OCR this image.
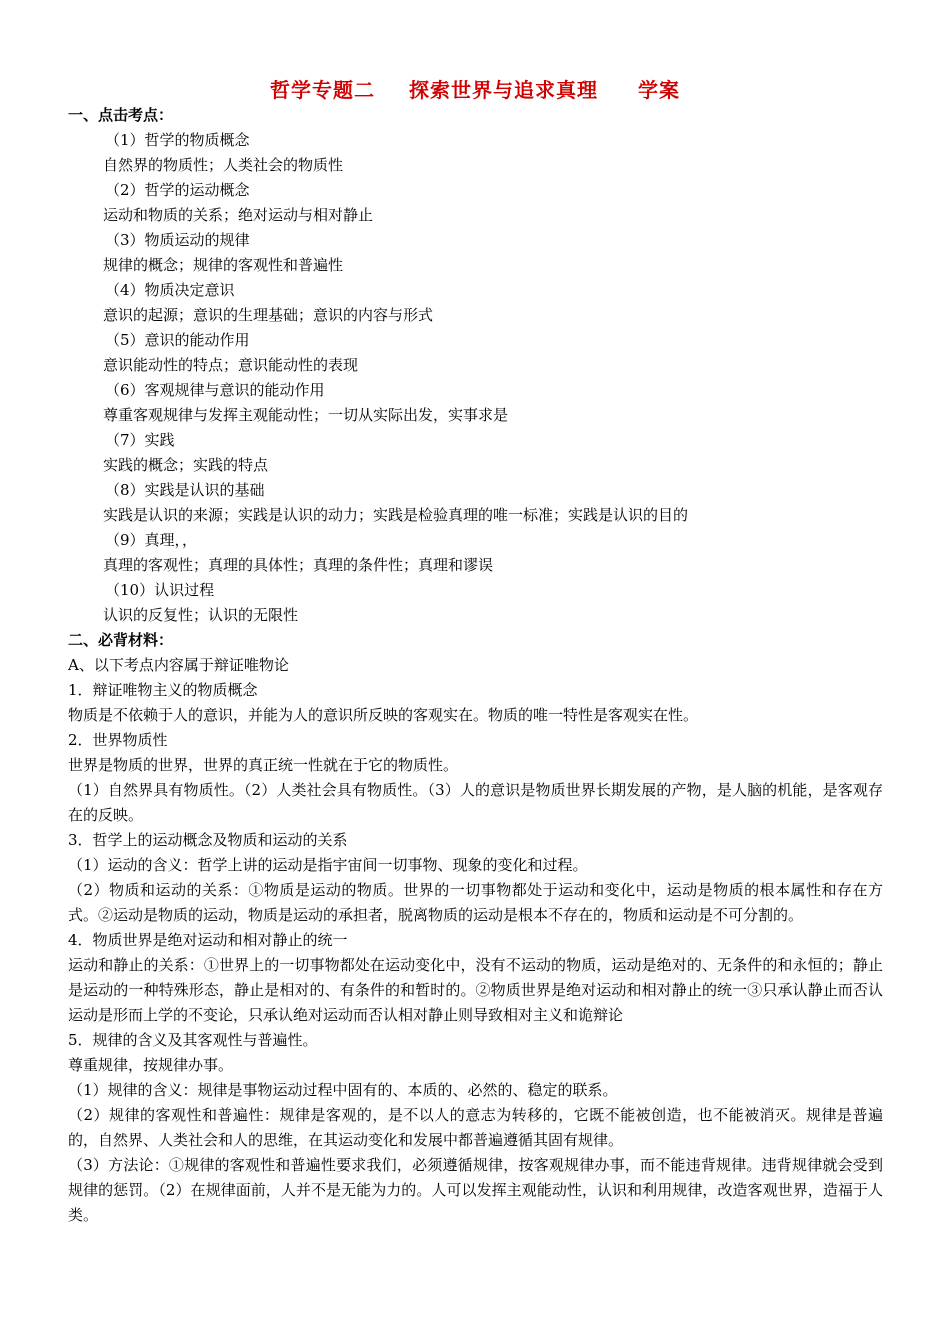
哲学专题二 探索世界与追求真理 学案
一、点击考点：
（1）哲学的物质概念
自然界的物质性；人类社会的物质性
（2）哲学的运动概念
运动和物质的关系；绝对运动与相对静止
（3）物质运动的规律
规律的概念；规律的客观性和普遍性
（4）物质决定意识
意识的起源；意识的生理基础；意识的内容与形式
（5）意识的能动作用
意识能动性的特点；意识能动性的表现
（6）客观规律与意识的能动作用
尊重客观规律与发挥主观能动性；一切从实际出发，实事求是
（7）实践
实践的概念；实践的特点
（8）实践是认识的基础
实践是认识的来源；实践是认识的动力；实践是检验真理的唯一标准；实践是认识的目的
（9）真理，，
真理的客观性；真理的具体性；真理的条件性；真理和谬误
（10）认识过程
认识的反复性；认识的无限性
二、必背材料：
A、以下考点内容属于辩证唯物论
1．辩证唯物主义的物质概念
物质是不依赖于人的意识，并能为人的意识所反映的客观实在。物质的唯一特性是客观实在性。
2．世界物质性
世界是物质的世界，世界的真正统一性就在于它的物质性。
（1）自然界具有物质性。（2）人类社会具有物质性。（3）人的意识是物质世界长期发展的产物，是人脑的机能，是客观存在的反映。
3．哲学上的运动概念及物质和运动的关系
（1）运动的含义：哲学上讲的运动是指宇宙间一切事物、现象的变化和过程。
（2）物质和运动的关系：①物质是运动的物质。世界的一切事物都处于运动和变化中，运动是物质的根本属性和存在方式。②运动是物质的运动，物质是运动的承担者，脱离物质的运动是根本不存在的，物质和运动是不可分割的。
4．物质世界是绝对运动和相对静止的统一
运动和静止的关系：①世界上的一切事物都处在运动变化中，没有不运动的物质，运动是绝对的、无条件的和永恒的；静止是运动的一种特殊形态，静止是相对的、有条件的和暂时的。②物质世界是绝对运动和相对静止的统一③只承认静止而否认运动是形而上学的不变论，只承认绝对运动而否认相对静止则导致相对主义和诡辩论
5．规律的含义及其客观性与普遍性。
尊重规律，按规律办事。
（1）规律的含义：规律是事物运动过程中固有的、本质的、必然的、稳定的联系。
（2）规律的客观性和普遍性：规律是客观的，是不以人的意志为转移的，它既不能被创造，也不能被消灭。规律是普遍的，自然界、人类社会和人的思维，在其运动变化和发展中都普遍遵循其固有规律。
（3）方法论：①规律的客观性和普遍性要求我们，必须遵循规律，按客观规律办事，而不能违背规律。违背规律就会受到规律的惩罚。（2）在规律面前，人并不是无能为力的。人可以发挥主观能动性，认识和利用规律，改造客观世界，造福于人类。
